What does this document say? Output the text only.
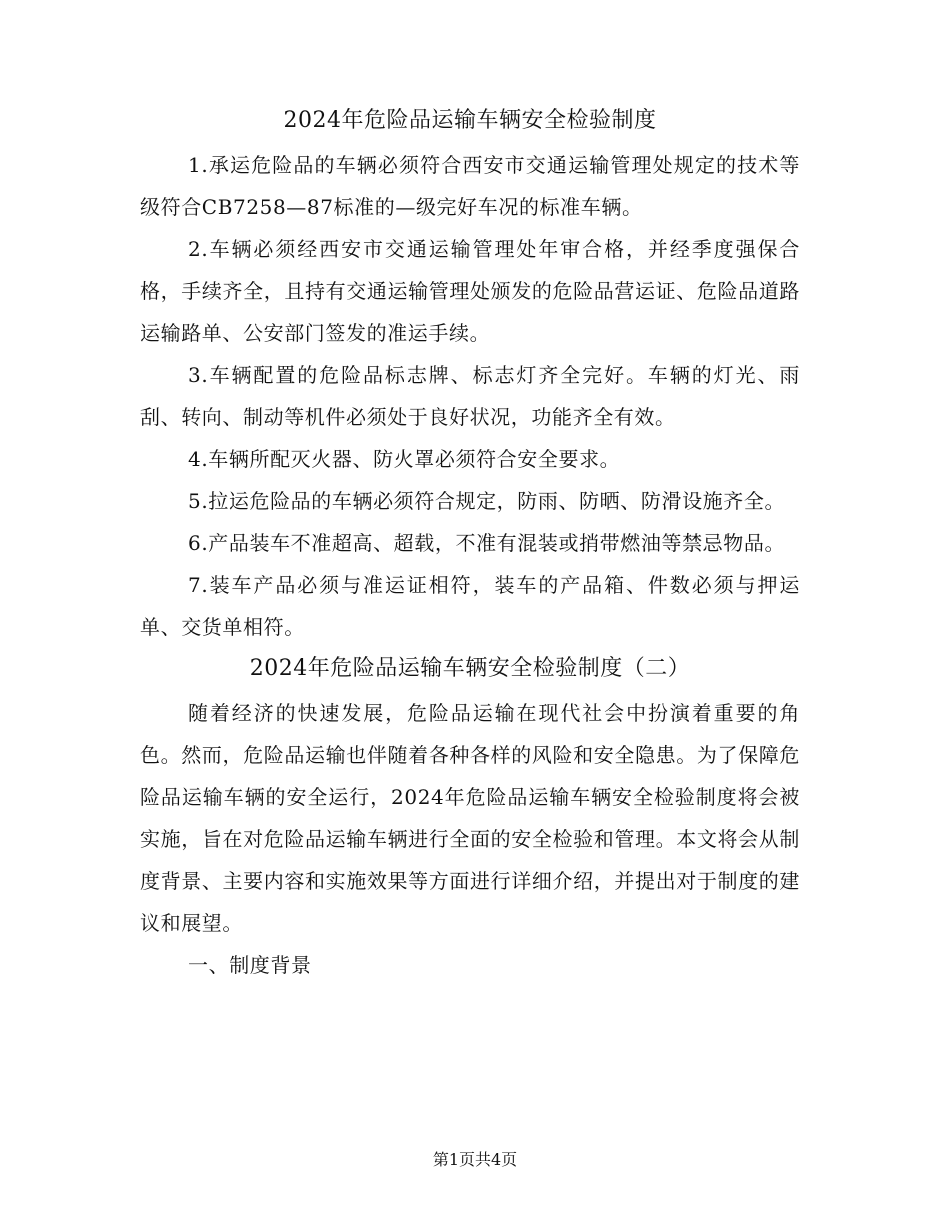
2024年危险品运输车辆安全检验制度

1.承运危险品的车辆必须符合西安市交通运输管理处规定的技术等级符合CB7258—87标准的—级完好车况的标准车辆。

2.车辆必须经西安市交通运输管理处年审合格，并经季度强保合格，手续齐全，且持有交通运输管理处颁发的危险品营运证、危险品道路运输路单、公安部门签发的准运手续。

3.车辆配置的危险品标志牌、标志灯齐全完好。车辆的灯光、雨刮、转向、制动等机件必须处于良好状况，功能齐全有效。

4.车辆所配灭火器、防火罩必须符合安全要求。

5.拉运危险品的车辆必须符合规定，防雨、防晒、防滑设施齐全。

6.产品装车不准超高、超载，不准有混装或捎带燃油等禁忌物品。

7.装车产品必须与准运证相符，装车的产品箱、件数必须与押运单、交货单相符。

2024年危险品运输车辆安全检验制度（二）

随着经济的快速发展，危险品运输在现代社会中扮演着重要的角色。然而，危险品运输也伴随着各种各样的风险和安全隐患。为了保障危险品运输车辆的安全运行，2024年危险品运输车辆安全检验制度将会被实施，旨在对危险品运输车辆进行全面的安全检验和管理。本文将会从制度背景、主要内容和实施效果等方面进行详细介绍，并提出对于制度的建议和展望。

一、制度背景

第1页共4页
